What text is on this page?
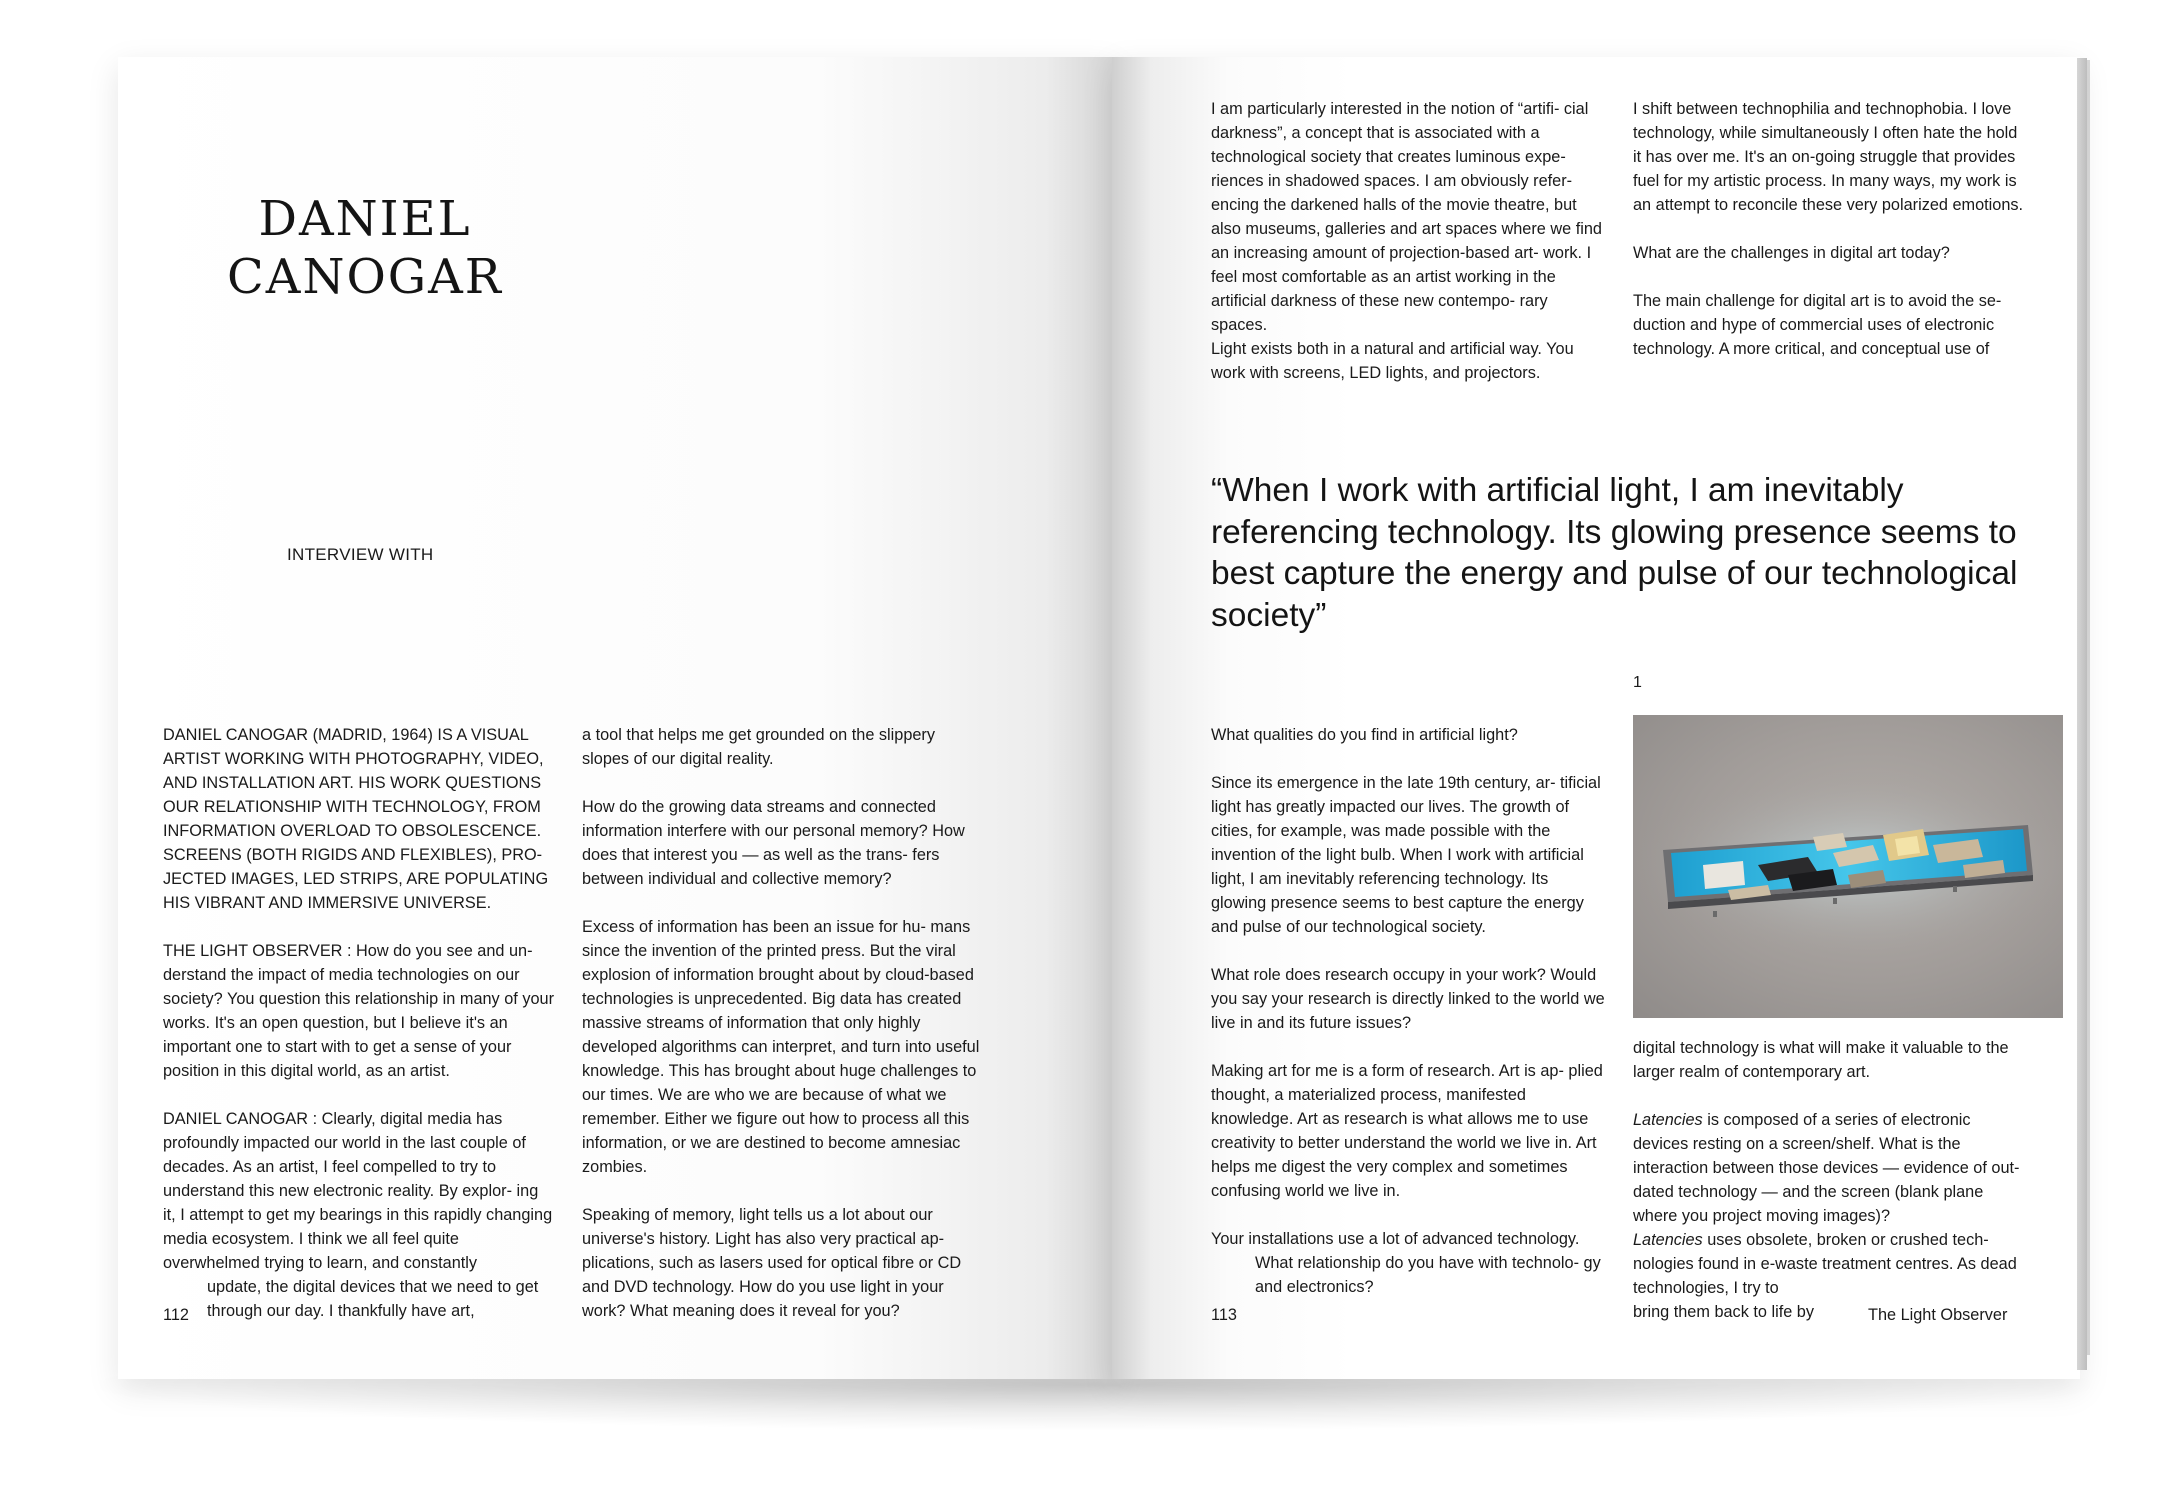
DANIEL
CANOGAR
INTERVIEW WITH

DANIEL CANOGAR (MADRID, 1964) IS A VISUAL ARTIST WORKING WITH PHOTOGRAPHY, VIDEO, AND INSTALLATION ART. HIS WORK QUESTIONS OUR RELATIONSHIP WITH TECHNOLOGY, FROM INFORMATION OVERLOAD TO OBSOLESCENCE. SCREENS (BOTH RIGIDS AND FLEXIBLES), PRO- JECTED IMAGES, LED STRIPS, ARE POPULATING HIS VIBRANT AND IMMERSIVE UNIVERSE.

THE LIGHT OBSERVER : How do you see and un- derstand the impact of media technologies on our society? You question this relationship in many of your works. It's an open question, but I believe it's an important one to start with to get a sense of your position in this digital world, as an artist.

DANIEL CANOGAR : Clearly, digital media has profoundly impacted our world in the last couple of decades. As an artist, I feel compelled to try to understand this new electronic reality. By explor- ing it, I attempt to get my bearings in this rapidly changing media ecosystem. I think we all feel quite overwhelmed trying to learn, and constantly
update, the digital devices that we need to get through our day. I thankfully have art,

112

a tool that helps me get grounded on the slippery slopes of our digital reality.

How do the growing data streams and connected information interfere with our personal memory? How does that interest you — as well as the trans- fers between individual and collective memory?

Excess of information has been an issue for hu- mans since the invention of the printed press. But the viral explosion of information brought about by cloud-based technologies is unprecedented. Big data has created massive streams of information that only highly developed algorithms can interpret, and turn into useful knowledge. This has brought about huge challenges to our times. We are who we are because of what we remember. Either we figure out how to process all this information, or we are destined to become amnesiac zombies.

Speaking of memory, light tells us a lot about our universe's history. Light has also very practical ap- plications, such as lasers used for optical fibre or CD and DVD technology. How do you use light in your work? What meaning does it reveal for you?

I am particularly interested in the notion of “artifi- cial darkness”, a concept that is associated with a technological society that creates luminous expe- riences in shadowed spaces. I am obviously refer- encing the darkened halls of the movie theatre, but also museums, galleries and art spaces where we find an increasing amount of projection-based art- work. I feel most comfortable as an artist working in the artificial darkness of these new contempo- rary spaces.

Light exists both in a natural and artificial way. You work with screens, LED lights, and projectors.

I shift between technophilia and technophobia. I love technology, while simultaneously I often hate the hold it has over me. It's an on-going struggle that provides fuel for my artistic process. In many ways, my work is an attempt to reconcile these very polarized emotions.

What are the challenges in digital art today?

The main challenge for digital art is to avoid the se- duction and hype of commercial uses of electronic technology. A more critical, and conceptual use of

“When I work with artificial light, I am inevitably referencing technology. Its glowing presence seems to best capture the energy and pulse of our technological society”
1

What qualities do you find in artificial light?

Since its emergence in the late 19th century, ar- tificial light has greatly impacted our lives. The growth of cities, for example, was made possible with the invention of the light bulb. When I work with artificial light, I am inevitably referencing technology. Its glowing presence seems to best capture the energy and pulse of our technological society.

What role does research occupy in your work? Would you say your research is directly linked to the world we live in and its future issues?

Making art for me is a form of research. Art is ap- plied thought, a materialized process, manifested knowledge. Art as research is what allows me to use creativity to better understand the world we live in. Art helps me digest the very complex and sometimes confusing world we live in.

Your installations use a lot of advanced technology.
What relationship do you have with technolo- gy and electronics?

113

digital technology is what will make it valuable to the larger realm of contemporary art.

Latencies is composed of a series of electronic devices resting on a screen/shelf. What is the interaction between those devices — evidence of out-dated technology — and the screen (blank plane where you project moving images)?

Latencies uses obsolete, broken or crushed tech- nologies found in e-waste treatment centres. As dead technologies, I try to
bring them back to life by	The Light Observer
